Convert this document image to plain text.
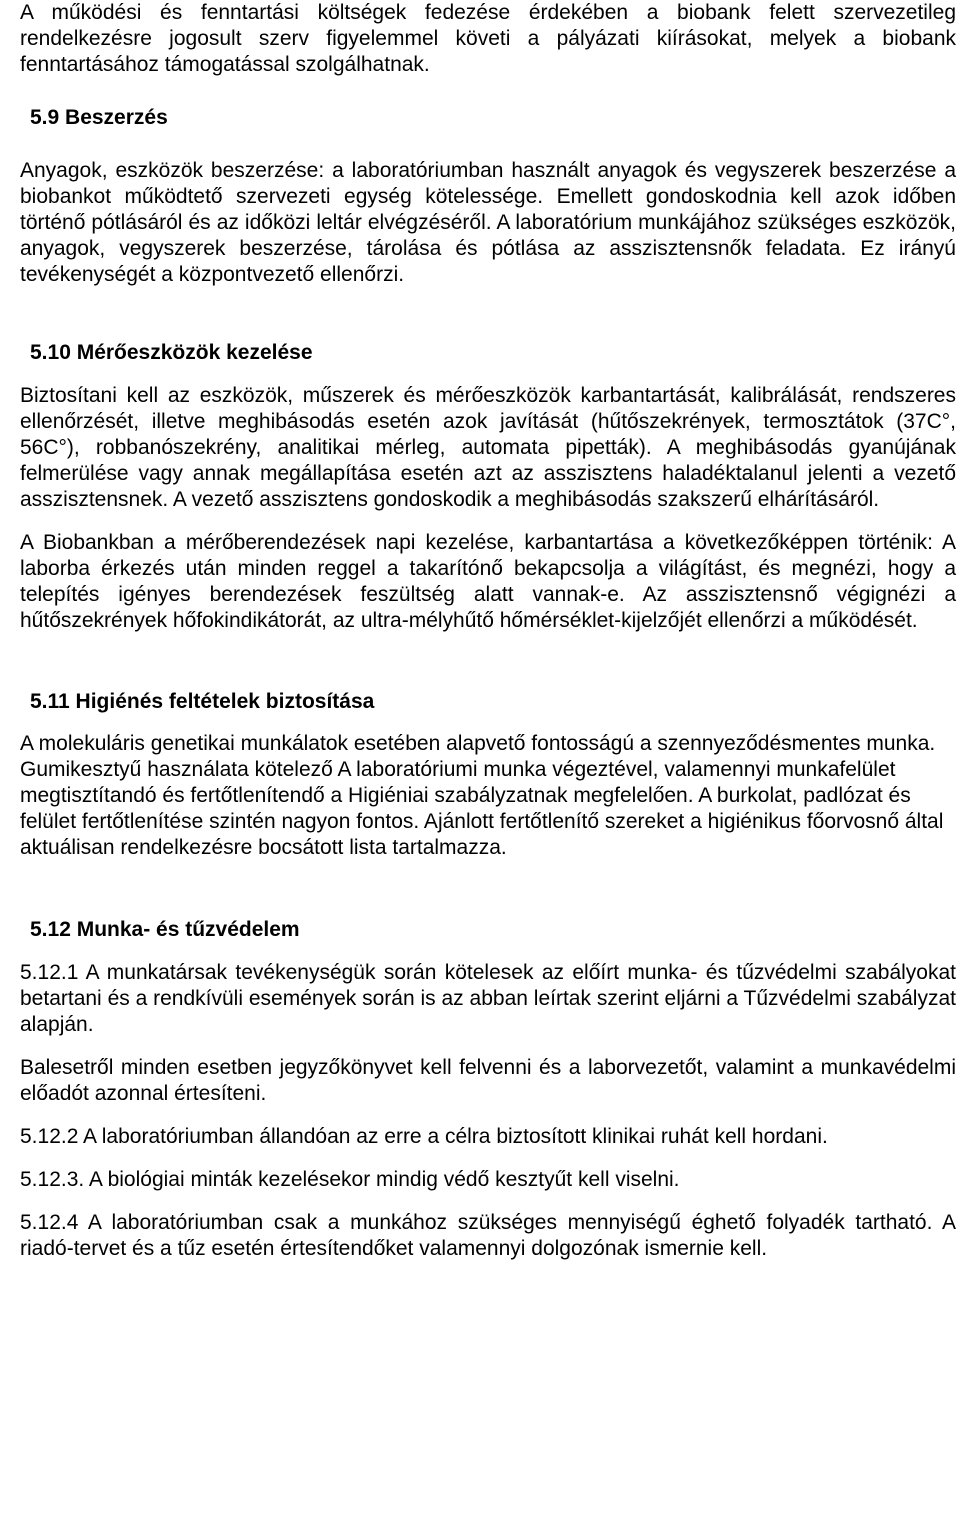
A működési és fenntartási költségek fedezése érdekében a biobank felett szervezetileg rendelkezésre jogosult szerv figyelemmel követi a pályázati kiírásokat, melyek a biobank fenntartásához támogatással szolgálhatnak.

5.9 Beszerzés

Anyagok, eszközök beszerzése: a laboratóriumban használt anyagok és vegyszerek beszerzése a biobankot működtető szervezeti egység kötelessége. Emellett gondoskodnia kell azok időben történő pótlásáról és az időközi leltár elvégzéséről. A laboratórium munkájához szükséges eszközök, anyagok, vegyszerek beszerzése, tárolása és pótlása az asszisztensnők feladata. Ez irányú tevékenységét a központvezető ellenőrzi.

5.10 Mérőeszközök kezelése

Biztosítani kell az eszközök, műszerek és mérőeszközök karbantartását, kalibrálását, rendszeres ellenőrzését, illetve meghibásodás esetén azok javítását (hűtőszekrények, termosztátok (37C°, 56C°), robbanószekrény, analitikai mérleg, automata pipetták). A meghibásodás gyanújának felmerülése vagy annak megállapítása esetén azt az asszisztens haladéktalanul jelenti a vezető asszisztensnek. A vezető asszisztens gondoskodik a meghibásodás szakszerű elhárításáról.

A Biobankban a mérőberendezések napi kezelése, karbantartása a következőképpen történik: A laborba érkezés után minden reggel a takarítónő bekapcsolja a világítást, és megnézi, hogy a telepítés igényes berendezések feszültség alatt vannak-e. Az asszisztensnő végignézi a hűtőszekrények hőfokindikátorát, az ultra-mélyhűtő hőmérséklet-kijelzőjét ellenőrzi a működését.

5.11 Higiénés feltételek biztosítása

A molekuláris genetikai munkálatok esetében alapvető fontosságú a szennyeződésmentes munka. Gumikesztyű használata kötelező A laboratóriumi munka végeztével, valamennyi munkafelület megtisztítandó és fertőtlenítendő a Higiéniai szabályzatnak megfelelően. A burkolat, padlózat és felület fertőtlenítése szintén nagyon fontos. Ajánlott fertőtlenítő szereket a higiénikus főorvosnő által aktuálisan rendelkezésre bocsátott lista tartalmazza.

5.12 Munka- és tűzvédelem

5.12.1 A munkatársak tevékenységük során kötelesek az előírt munka- és tűzvédelmi szabályokat betartani és a rendkívüli események során is az abban leírtak szerint eljárni a Tűzvédelmi szabályzat alapján.

Balesetről minden esetben jegyzőkönyvet kell felvenni és a laborvezetőt, valamint a munkavédelmi előadót azonnal értesíteni.

5.12.2 A laboratóriumban állandóan az erre a célra biztosított klinikai ruhát kell hordani.

5.12.3. A biológiai minták kezelésekor mindig védő kesztyűt kell viselni.

5.12.4 A laboratóriumban csak a munkához szükséges mennyiségű éghető folyadék tartható. A riadó-tervet és a tűz esetén értesítendőket valamennyi dolgozónak ismernie kell.
